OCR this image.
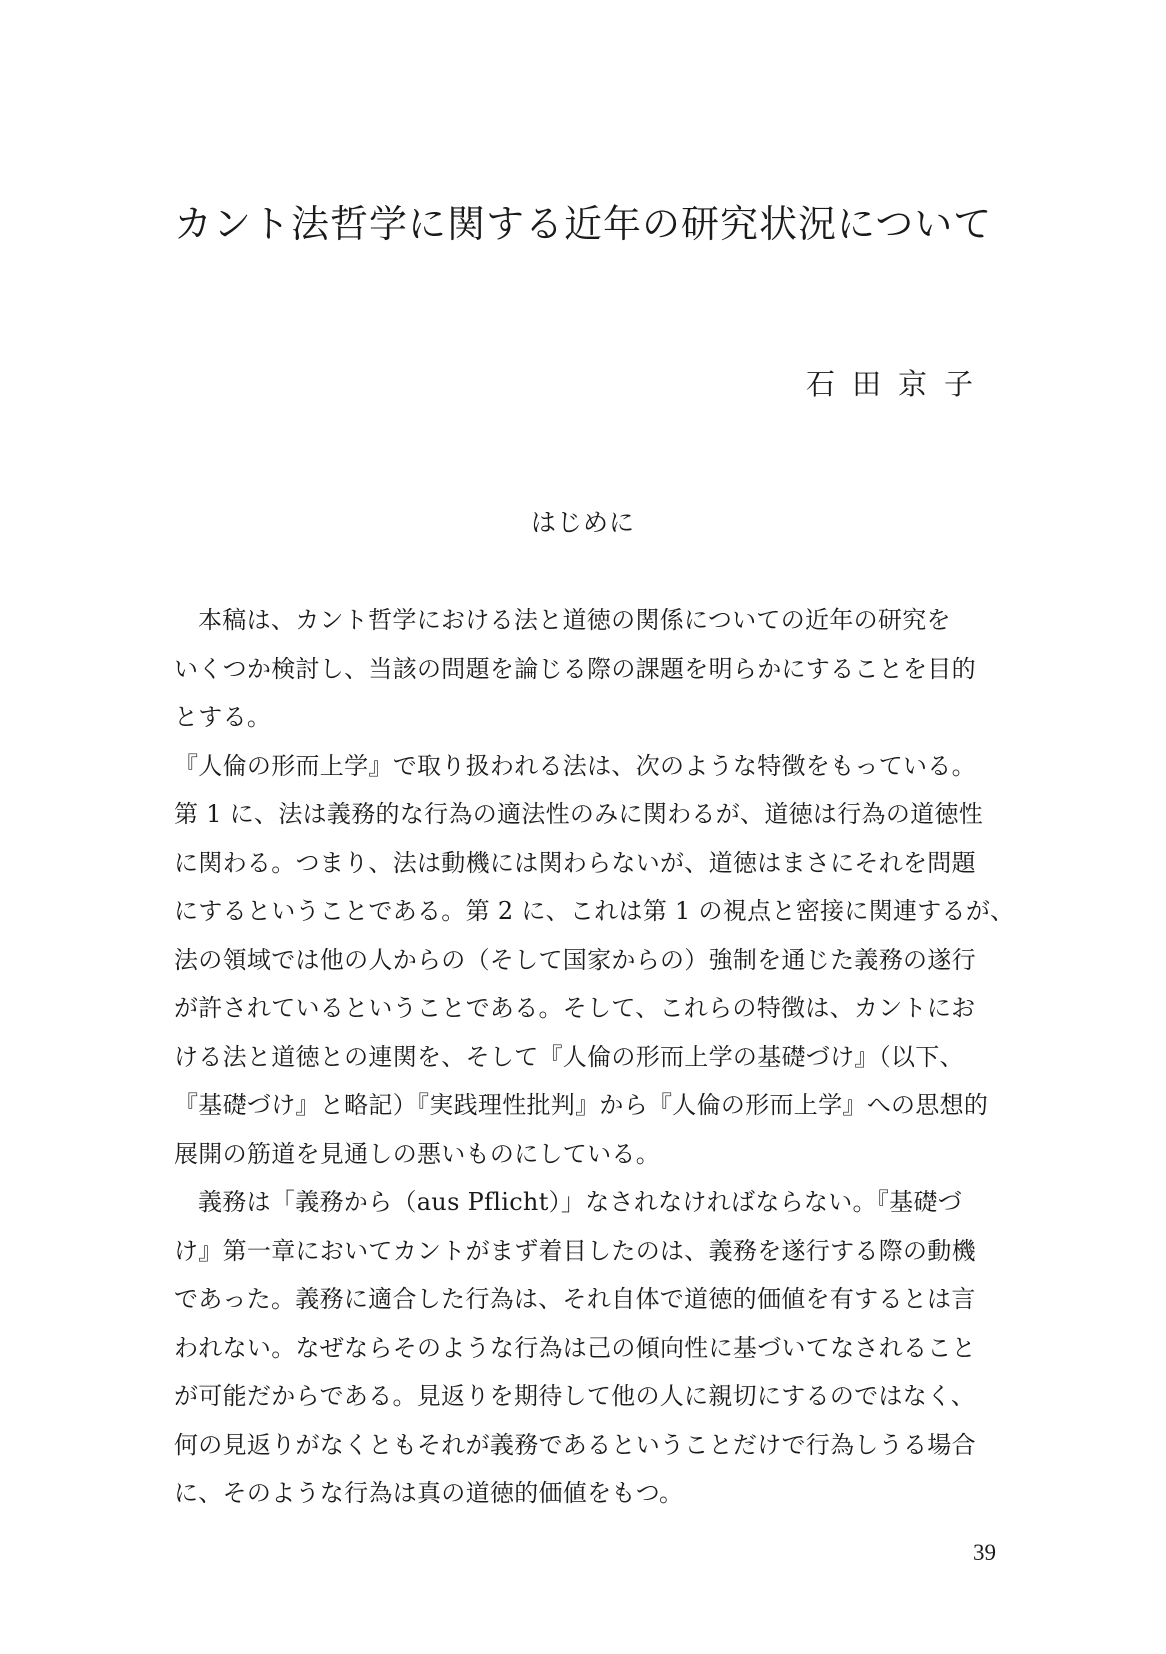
カント法哲学に関する近年の研究状況について

石田京子

はじめに
本稿は、カント哲学における法と道徳の関係についての近年の研究を
いくつか検討し、当該の問題を論じる際の課題を明らかにすることを目的
とする。
『人倫の形而上学』で取り扱われる法は、次のような特徴をもっている。
第 1 に、法は義務的な行為の適法性のみに関わるが、道徳は行為の道徳性
に関わる。つまり、法は動機には関わらないが、道徳はまさにそれを問題
にするということである。第 2 に、これは第 1 の視点と密接に関連するが、
法の領域では他の人からの（そして国家からの）強制を通じた義務の遂行
が許されているということである。そして、これらの特徴は、カントにお
ける法と道徳との連関を、そして『人倫の形而上学の基礎づけ』（以下、
『基礎づけ』と略記）『実践理性批判』から『人倫の形而上学』への思想的
展開の筋道を見通しの悪いものにしている。
義務は「義務から（aus Pflicht）」なされなければならない。『基礎づ
け』第一章においてカントがまず着目したのは、義務を遂行する際の動機
であった。義務に適合した行為は、それ自体で道徳的価値を有するとは言
われない。なぜならそのような行為は己の傾向性に基づいてなされること
が可能だからである。見返りを期待して他の人に親切にするのではなく、
何の見返りがなくともそれが義務であるということだけで行為しうる場合
に、そのような行為は真の道徳的価値をもつ。

39
